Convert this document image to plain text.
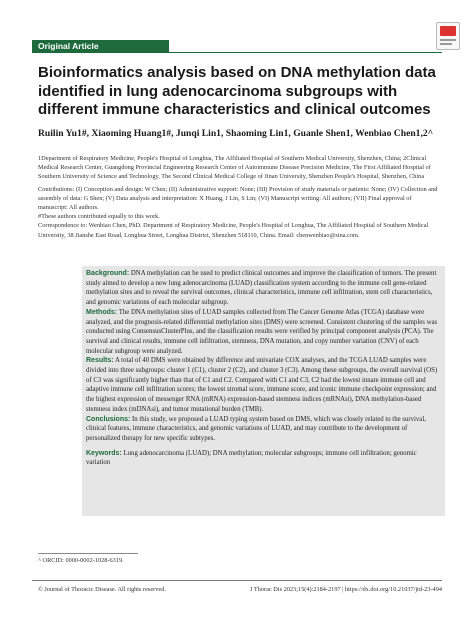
Original Article
Bioinformatics analysis based on DNA methylation data identified in lung adenocarcinoma subgroups with different immune characteristics and clinical outcomes

Ruilin Yu1#, Xiaoming Huang1#, Junqi Lin1, Shaoming Lin1, Guanle Shen1, Wenbiao Chen1,2^

1Department of Respiratory Medicine, People's Hospital of Longhua, The Affiliated Hospital of Southern Medical University, Shenzhen, China; 2Clinical Medical Research Center, Guangdong Provincial Engineering Research Center of Autoimmune Disease Precision Medicine, The First Affiliated Hospital of Southern University of Science and Technology, The Second Clinical Medical College of Jinan University, Shenzhen People's Hospital, Shenzhen, China

Contributions: (I) Conception and design: W Chen; (II) Administrative support: None; (III) Provision of study materials or patients: None; (IV) Collection and assembly of data: G Shen; (V) Data analysis and interpretation: X Huang, J Lin, S Lin; (VI) Manuscript writing: All authors; (VII) Final approval of manuscript: All authors.

#These authors contributed equally to this work.

Correspondence to: Wenbiao Chen, PhD. Department of Respiratory Medicine, People's Hospital of Longhua, The Affiliated Hospital of Southern Medical University, 38 Jianshe East Road, Longhua Street, Longhua District, Shenzhen 518110, China. Email: chenwenbiao@sina.com.

Background: DNA methylation can be used to predict clinical outcomes and improve the classification of tumors. The present study aimed to develop a new lung adenocarcinoma (LUAD) classification system according to the immune cell gene-related methylation sites and to reveal the survival outcomes, clinical characteristics, immune cell infiltration, stem cell characteristics, and genomic variations of each molecular subgroup.

Methods: The DNA methylation sites of LUAD samples collected from The Cancer Genome Atlas (TCGA) database were analyzed, and the prognosis-related differential methylation sites (DMS) were screened. Consistent clustering of the samples was conducted using ConsensusClusterPlus, and the classification results were verified by principal component analysis (PCA). The survival and clinical results, immune cell infiltration, stemness, DNA mutation, and copy number variation (CNV) of each molecular subgroup were analyzed.

Results: A total of 40 DMS were obtained by difference and univariate COX analyses, and the TCGA LUAD samples were divided into three subgroups: cluster 1 (C1), cluster 2 (C2), and cluster 3 (C3). Among these subgroups, the overall survival (OS) of C3 was significantly higher than that of C1 and C2. Compared with C1 and C3, C2 had the lowest innate immune cell and adaptive immune cell infiltration scores; the lowest stromal score, immune score, and iconic immune checkpoint expression; and the highest expression of messenger RNA (mRNA) expression-based stemness indices (mRNAsi), DNA methylation-based stemness index (mDNAsi), and tumor mutational burden (TMB).

Conclusions: In this study, we proposed a LUAD typing system based on DMS, which was closely related to the survival, clinical features, immune characteristics, and genomic variations of LUAD, and may contribute to the development of personalized therapy for new specific subtypes.

Keywords: Lung adenocarcinoma (LUAD); DNA methylation; molecular subgroups; immune cell infiltration; genomic variation

^ ORCID: 0000-0002-1028-6319.

© Journal of Thoracic Disease. All rights reserved.	J Thorac Dis 2023;15(4):2184-2197 | https://dx.doi.org/10.21037/jtd-23-494
